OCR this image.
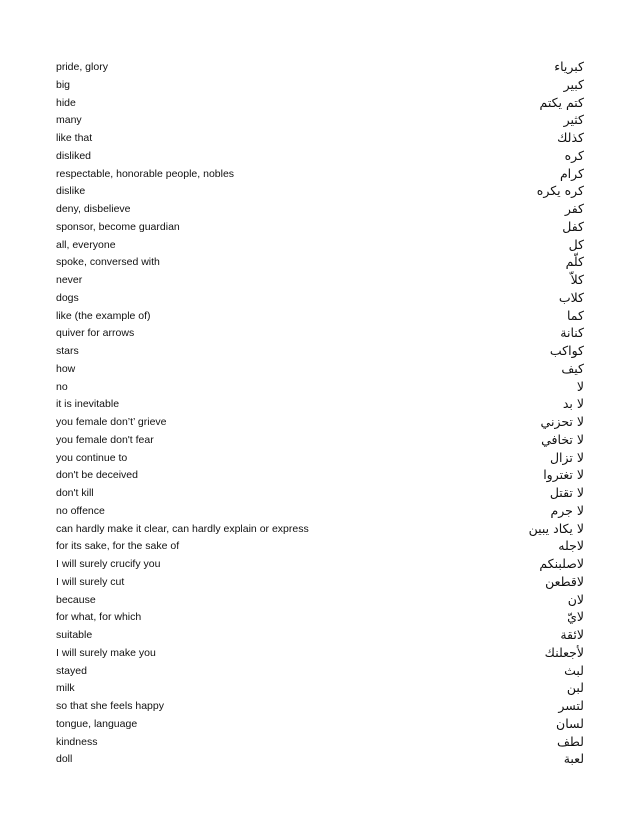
pride, glory	كبرياء
big	كبير
hide	كتم يكتم
many	كثير
like that	كذلك
disliked	كره
respectable, honorable people, nobles	كرام
dislike	كره يكره
deny, disbelieve	كفر
sponsor, become guardian	كفل
all, everyone	كل
spoke, conversed with	كلّم
never	كلاّ
dogs	كلاب
like (the example of)	كما
quiver for arrows	كنانة
stars	كواكب
how	كيف
no	لا
it is inevitable	لا بد
you female don’t’ grieve	لا تحزني
you female don't fear	لا تخافي
you continue to	لا تزال
don't be deceived	لا تغتروا
don't kill	لا تقتل
no offence	لا جرم
can hardly make it clear, can hardly explain or express	لا يكاد يبين
for its sake, for the sake of	لاجله
I will surely crucify you	لاصلبنكم
I will surely cut	لاقطعن
because	لان
for what, for which	لايّ
suitable	لائقة
I will surely make you	لأجعلنك
stayed	لبث
milk	لبن
so that she feels happy	لتسر
tongue, language	لسان
kindness	لطف
doll	لعبة
